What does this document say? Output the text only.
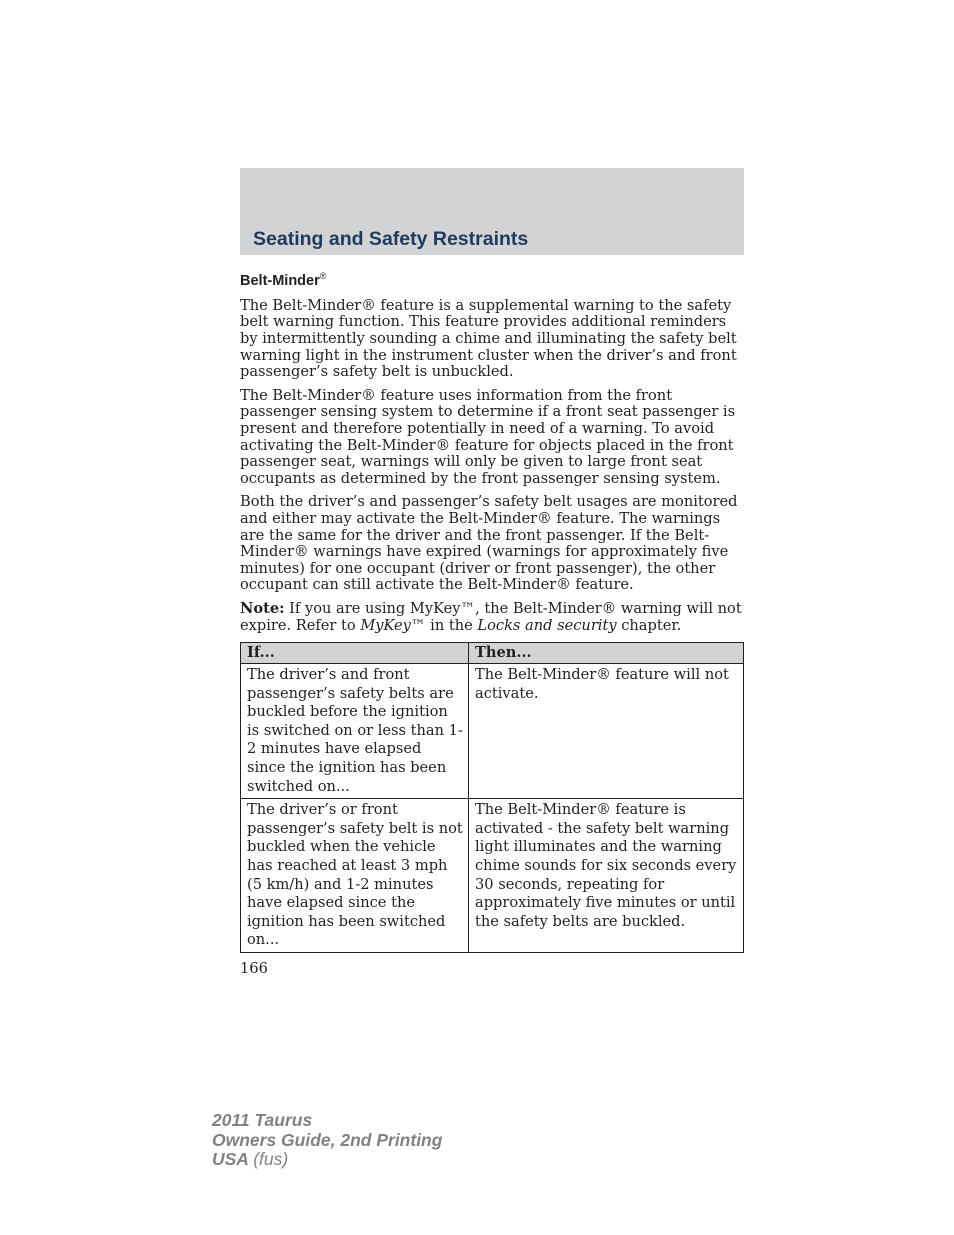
Seating and Safety Restraints
Belt-Minder®

The Belt-Minder® feature is a supplemental warning to the safety belt warning function. This feature provides additional reminders by intermittently sounding a chime and illuminating the safety belt warning light in the instrument cluster when the driver’s and front passenger’s safety belt is unbuckled.

The Belt-Minder® feature uses information from the front passenger sensing system to determine if a front seat passenger is present and therefore potentially in need of a warning. To avoid activating the Belt-Minder® feature for objects placed in the front passenger seat, warnings will only be given to large front seat occupants as determined by the front passenger sensing system.

Both the driver’s and passenger’s safety belt usages are monitored and either may activate the Belt-Minder® feature. The warnings are the same for the driver and the front passenger. If the Belt-Minder® warnings have expired (warnings for approximately five minutes) for one occupant (driver or front passenger), the other occupant can still activate the Belt-Minder® feature.

Note: If you are using MyKey™, the Belt-Minder® warning will not expire. Refer to MyKey™ in the Locks and security chapter.

If...	Then...
The driver’s and front passenger’s safety belts are buckled before the ignition is switched on or less than 1-2 minutes have elapsed since the ignition has been switched on...	The Belt-Minder® feature will not activate.
The driver’s or front passenger’s safety belt is not buckled when the vehicle has reached at least 3 mph (5 km/h) and 1-2 minutes have elapsed since the ignition has been switched on...	The Belt-Minder® feature is activated - the safety belt warning light illuminates and the warning chime sounds for six seconds every 30 seconds, repeating for approximately five minutes or until the safety belts are buckled.
166
2011 Taurus
Owners Guide, 2nd Printing
USA (fus)
